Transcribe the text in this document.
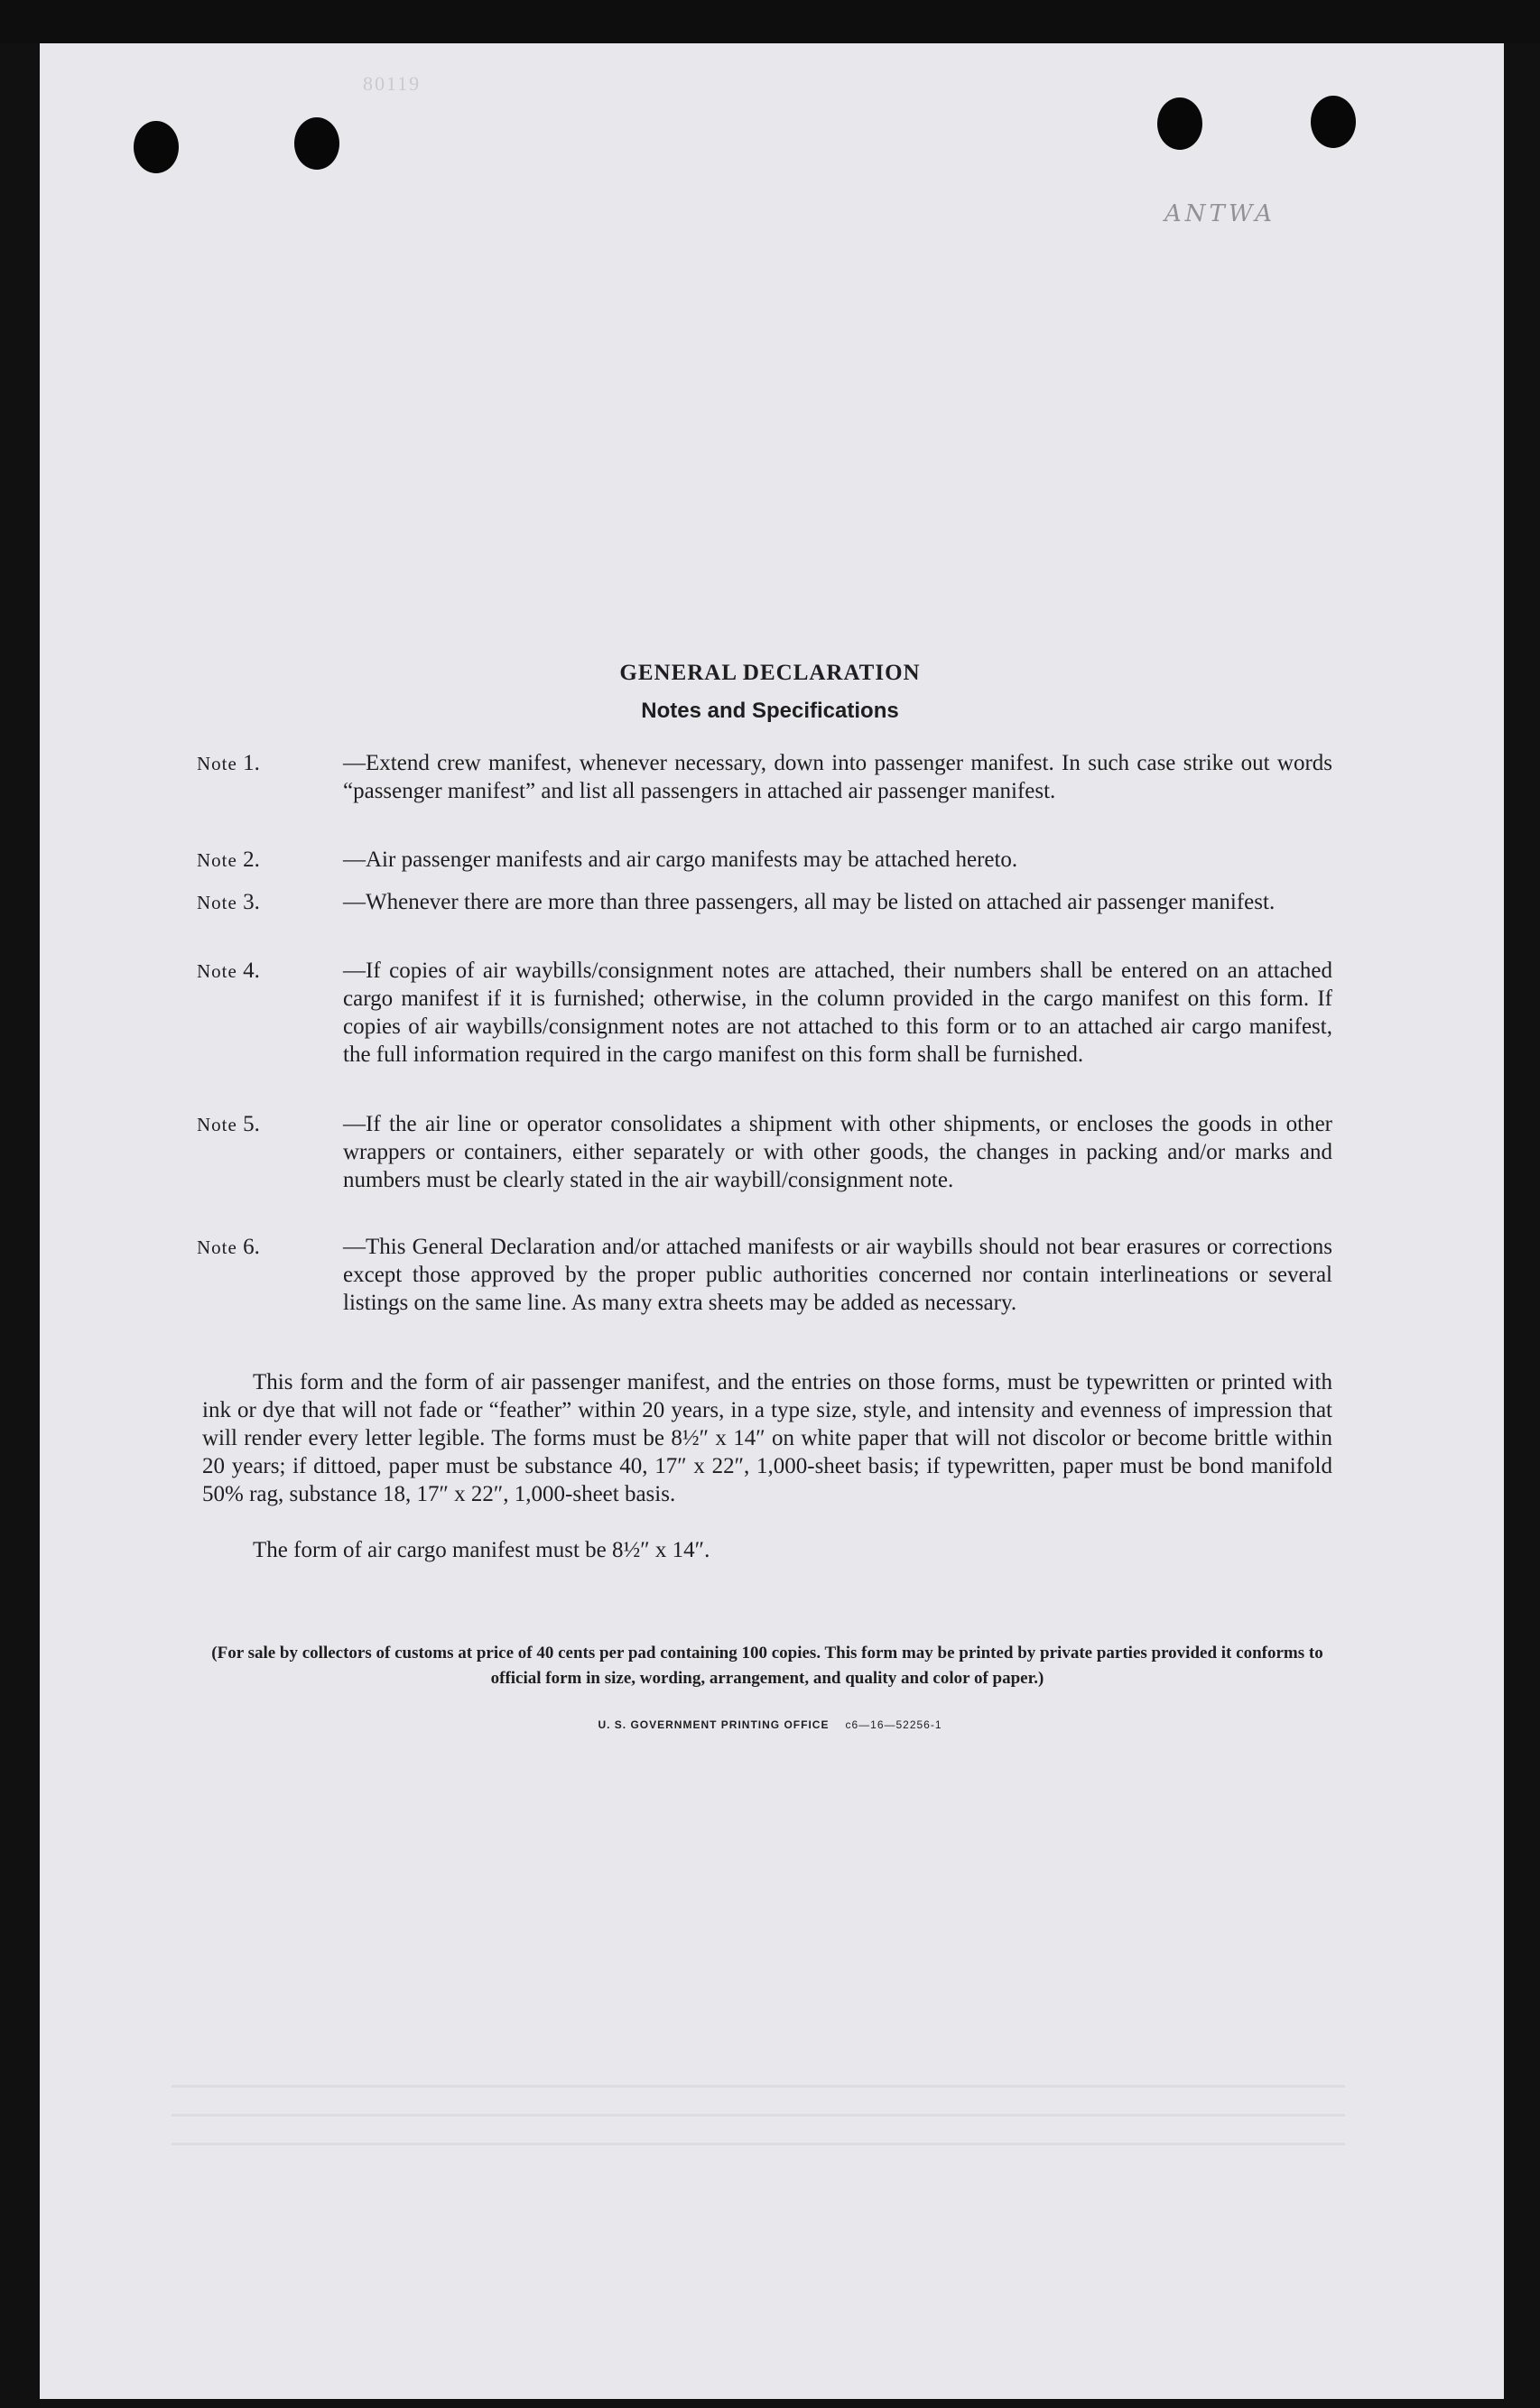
80119
ANTWA
GENERAL DECLARATION
Notes and Specifications
Note 1.	—Extend crew manifest, whenever necessary, down into passenger manifest. In such case strike out words “passenger manifest” and list all passengers in attached air passenger manifest.
Note 2.	—Air passenger manifests and air cargo manifests may be attached hereto.
Note 3.	—Whenever there are more than three passengers, all may be listed on attached air passenger manifest.
Note 4.	—If copies of air waybills/consignment notes are attached, their numbers shall be entered on an attached cargo manifest if it is furnished; otherwise, in the column provided in the cargo manifest on this form. If copies of air waybills/consignment notes are not attached to this form or to an attached air cargo manifest, the full information required in the cargo manifest on this form shall be furnished.
Note 5.	—If the air line or operator consolidates a shipment with other shipments, or encloses the goods in other wrappers or containers, either separately or with other goods, the changes in packing and/or marks and numbers must be clearly stated in the air waybill/consignment note.
Note 6.	—This General Declaration and/or attached manifests or air waybills should not bear erasures or corrections except those approved by the proper public authorities concerned nor contain interlineations or several listings on the same line. As many extra sheets may be added as necessary.
This form and the form of air passenger manifest, and the entries on those forms, must be typewritten or printed with ink or dye that will not fade or “feather” within 20 years, in a type size, style, and intensity and evenness of impression that will render every letter legible. The forms must be 8½″ x 14″ on white paper that will not discolor or become brittle within 20 years; if dittoed, paper must be substance 40, 17″ x 22″, 1,000-sheet basis; if typewritten, paper must be bond manifold 50% rag, substance 18, 17″ x 22″, 1,000-sheet basis.
The form of air cargo manifest must be 8½″ x 14″.
(For sale by collectors of customs at price of 40 cents per pad containing 100 copies. This form may be printed by private parties provided it conforms to official form in size, wording, arrangement, and quality and color of paper.)
U. S. GOVERNMENT PRINTING OFFICE c6—16—52256-1
